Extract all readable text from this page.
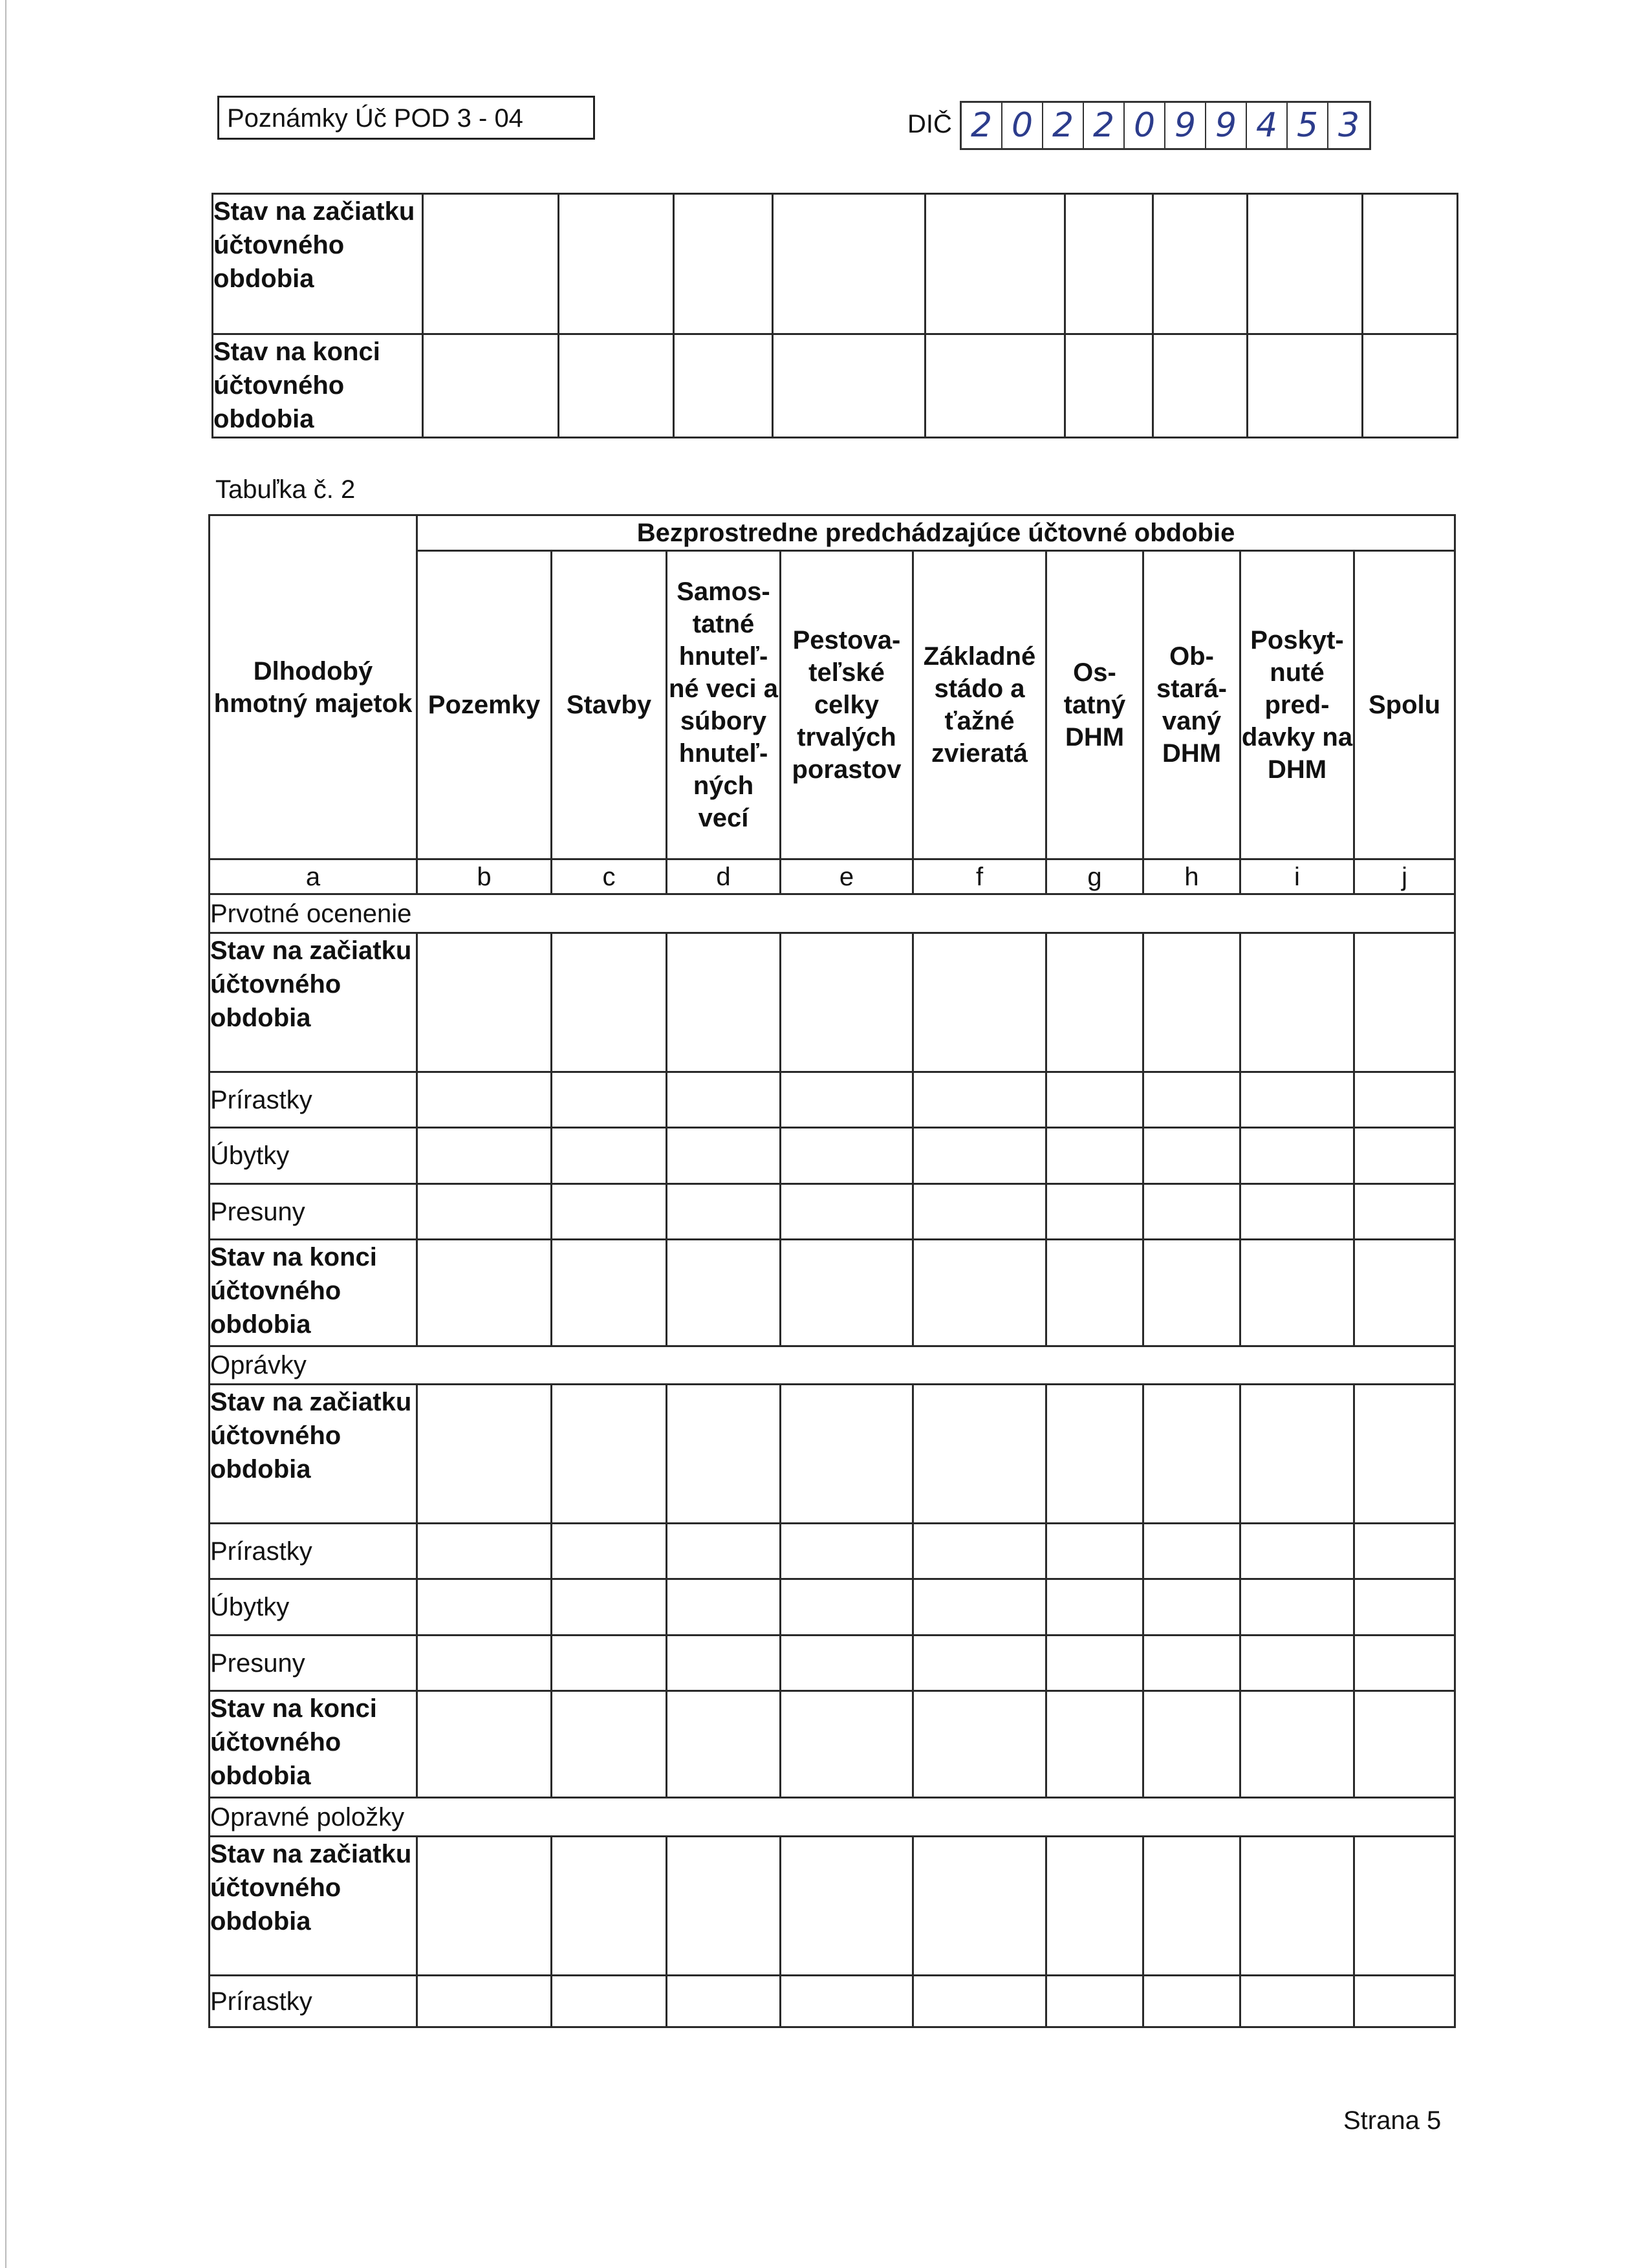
Poznámky Úč POD 3 - 04	DIČ 2 0 2 2 0 9 9 4 5 3
Stav na začiatku účtovného obdobia									
Stav na konci účtovného obdobia									
Tabuľka č. 2
Dlhodobý hmotný majetok	Bezprostredne predchádzajúce účtovné obdobie								
	Pozemky	Stavby	Samos- tatné hnuteľ- né veci a súbory hnuteľ- ných vecí	Pestova- teľské celky trvalých porastov	Základné stádo a ťažné zvieratá	Os- tatný DHM	Ob- stará- vaný DHM	Poskyt- nuté pred- davky na DHM	Spolu
a	b	c	d	e	f	g	h	i	j
Prvotné ocenenie									
Stav na začiatku účtovného obdobia									
Prírastky									
Úbytky									
Presuny									
Stav na konci účtovného obdobia									
Oprávky									
Stav na začiatku účtovného obdobia									
Prírastky									
Úbytky									
Presuny									
Stav na konci účtovného obdobia									
Opravné položky									
Stav na začiatku účtovného obdobia									
Prírastky									
Strana 5
